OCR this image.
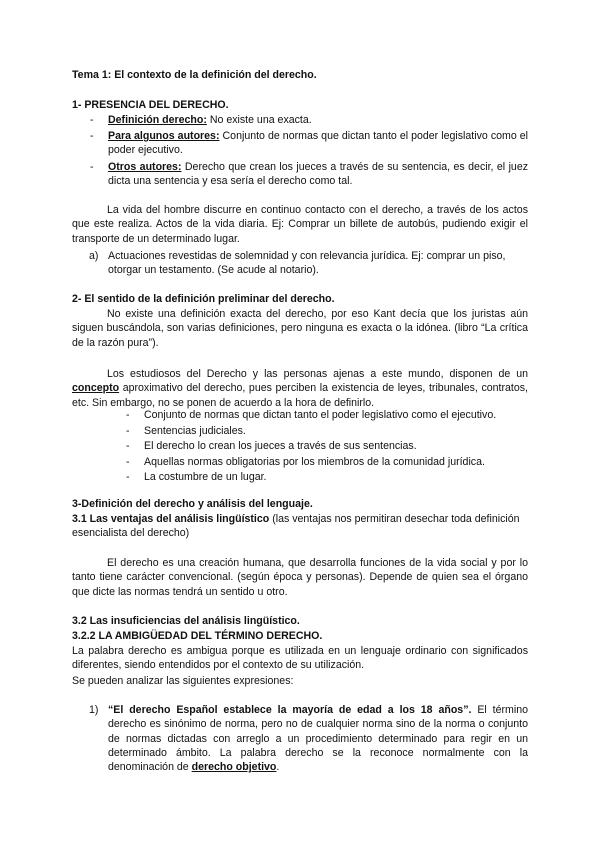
Tema 1: El contexto de la definición del derecho.

1- PRESENCIA DEL DERECHO.

- Definición derecho: No existe una exacta.

- Para algunos autores: Conjunto de normas que dictan tanto el poder legislativo como el poder ejecutivo.

- Otros autores: Derecho que crean los jueces a través de su sentencia, es decir, el juez dicta una sentencia y esa sería el derecho como tal.

La vida del hombre discurre en continuo contacto con el derecho, a través de los actos que este realiza. Actos de la vida diaria. Ej: Comprar un billete de autobús, pudiendo exigir el transporte de un determinado lugar.

a) Actuaciones revestidas de solemnidad y con relevancia jurídica. Ej: comprar un piso, otorgar un testamento. (Se acude al notario).

2- El sentido de la definición preliminar del derecho.

No existe una definición exacta del derecho, por eso Kant decía que los juristas aún siguen buscándola, son varias definiciones, pero ninguna es exacta o la idónea. (libro “La crítica de la razón pura”).

Los estudiosos del Derecho y las personas ajenas a este mundo, disponen de un concepto aproximativo del derecho, pues perciben la existencia de leyes, tribunales, contratos, etc. Sin embargo, no se ponen de acuerdo a la hora de definirlo.

- Conjunto de normas que dictan tanto el poder legislativo como el ejecutivo.

- Sentencias judiciales.

- El derecho lo crean los jueces a través de sus sentencias.

- Aquellas normas obligatorias por los miembros de la comunidad jurídica.

- La costumbre de un lugar.

3-Definición del derecho y análisis del lenguaje.

3.1 Las ventajas del análisis lingüístico (las ventajas nos permitiran desechar toda definición esencialista del derecho)

El derecho es una creación humana, que desarrolla funciones de la vida social y por lo tanto tiene carácter convencional. (según época y personas). Depende de quien sea el órgano que dicte las normas tendrá un sentido u otro.

3.2 Las insuficiencias del análisis lingüístico.

3.2.2 LA AMBIGÜEDAD DEL TÉRMINO DERECHO.

La palabra derecho es ambigua porque es utilizada en un lenguaje ordinario con significados diferentes, siendo entendidos por el contexto de su utilización.

Se pueden analizar las siguientes expresiones:

1) “El derecho Español establece la mayoría de edad a los 18 años”. El término derecho es sinónimo de norma, pero no de cualquier norma sino de la norma o conjunto de normas dictadas con arreglo a un procedimiento determinado para regir en un determinado ámbito. La palabra derecho se la reconoce normalmente con la denominación de derecho objetivo.
